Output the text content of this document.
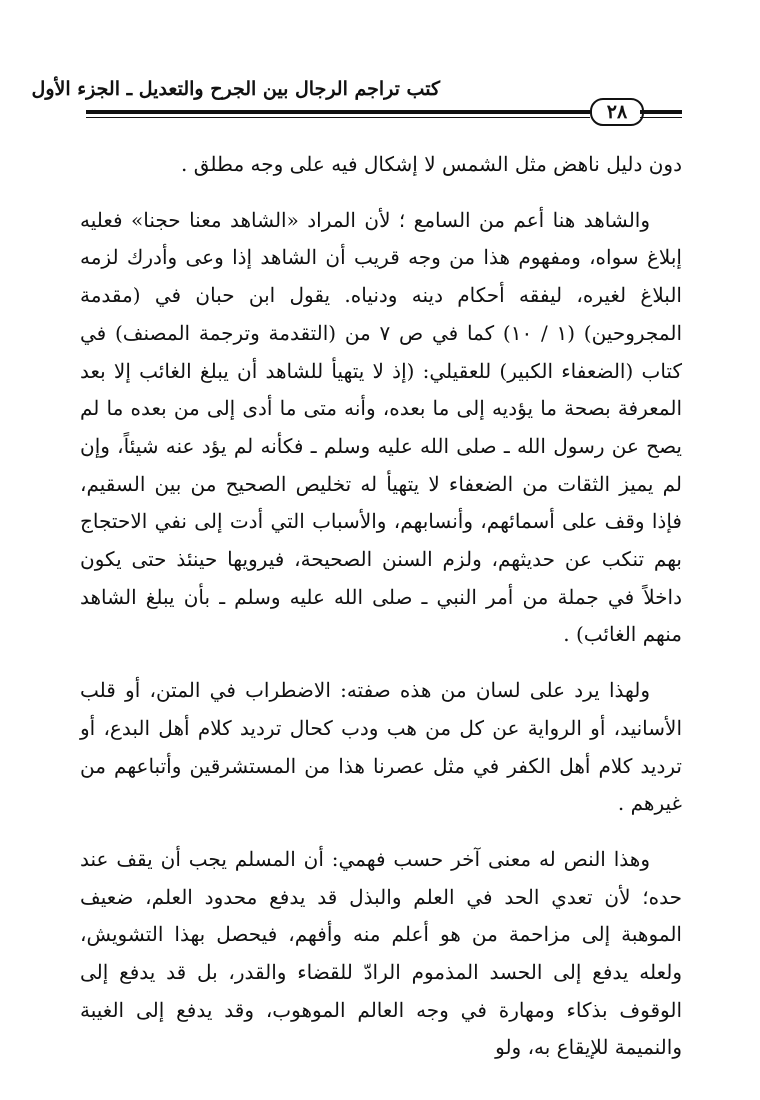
كتب تراجم الرجال بين الجرح والتعديل ـ الجزء الأول
٢٨

دون دليل ناهض مثل الشمس لا إشكال فيه على وجه مطلق .

والشاهد هنا أعم من السامع ؛ لأن المراد «الشاهد معنا حجنا» فعليه إبلاغ سواه، ومفهوم هذا من وجه قريب أن الشاهد إذا وعى وأدرك لزمه البلاغ لغيره، ليفقه أحكام دينه ودنياه. يقول ابن حبان في (مقدمة المجروحين) (١ / ١٠) كما في ص ٧ من (التقدمة وترجمة المصنف) في كتاب (الضعفاء الكبير) للعقيلي: (إذ لا يتهيأ للشاهد أن يبلغ الغائب إلا بعد المعرفة بصحة ما يؤديه إلى ما بعده، وأنه متى ما أدى إلى من بعده ما لم يصح عن رسول الله ـ صلى الله عليه وسلم ـ فكأنه لم يؤد عنه شيئاً، وإن لم يميز الثقات من الضعفاء لا يتهيأ له تخليص الصحيح من بين السقيم، فإذا وقف على أسمائهم، وأنسابهم، والأسباب التي أدت إلى نفي الاحتجاج بهم تنكب عن حديثهم، ولزم السنن الصحيحة، فيرويها حينئذ حتى يكون داخلاً في جملة من أمر النبي ـ صلى الله عليه وسلم ـ بأن يبلغ الشاهد منهم الغائب) .

ولهذا يرد على لسان من هذه صفته: الاضطراب في المتن، أو قلب الأسانيد، أو الرواية عن كل من هب ودب كحال ترديد كلام أهل البدع، أو ترديد كلام أهل الكفر في مثل عصرنا هذا من المستشرقين وأتباعهم من غيرهم .

وهذا النص له معنى آخر حسب فهمي: أن المسلم يجب أن يقف عند حده؛ لأن تعدي الحد في العلم والبذل قد يدفع محدود العلم، ضعيف الموهبة إلى مزاحمة من هو أعلم منه وأفهم، فيحصل بهذا التشويش، ولعله يدفع إلى الحسد المذموم الرادّ للقضاء والقدر، بل قد يدفع إلى الوقوف بذكاء ومهارة في وجه العالم الموهوب، وقد يدفع إلى الغيبة والنميمة للإيقاع به، ولو
